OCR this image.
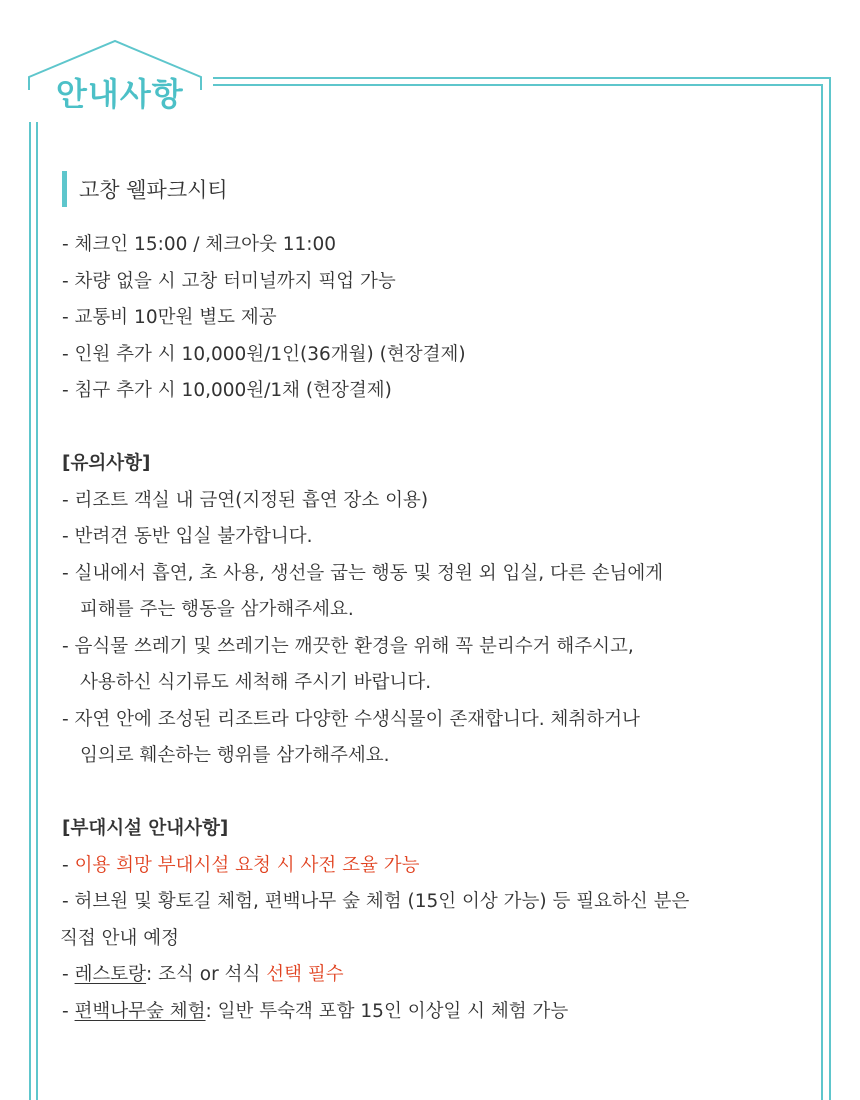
안내사항
고창 웰파크시티

- 체크인 15:00 / 체크아웃 11:00

- 차량 없을 시 고창 터미널까지 픽업 가능

- 교통비 10만원 별도 제공

- 인원 추가 시 10,000원/1인(36개월) (현장결제)

- 침구 추가 시 10,000원/1채 (현장결제)

[유의사항]

- 리조트 객실 내 금연(지정된 흡연 장소 이용)

- 반려견 동반 입실 불가합니다.

- 실내에서 흡연, 초 사용, 생선을 굽는 행동 및 정원 외 입실, 다른 손님에게

피해를 주는 행동을 삼가해주세요.

- 음식물 쓰레기 및 쓰레기는 깨끗한 환경을 위해 꼭 분리수거 해주시고,

사용하신 식기류도 세척해 주시기 바랍니다.

- 자연 안에 조성된 리조트라 다양한 수생식물이 존재합니다. 체취하거나

임의로 훼손하는 행위를 삼가해주세요.

[부대시설 안내사항]

- 이용 희망 부대시설 요청 시 사전 조율 가능

- 허브원 및 황토길 체험, 편백나무 숲 체험 (15인 이상 가능) 등 필요하신 분은

직접 안내 예정

- 레스토랑: 조식 or 석식 선택 필수

- 편백나무숲 체험: 일반 투숙객 포함 15인 이상일 시 체험 가능
